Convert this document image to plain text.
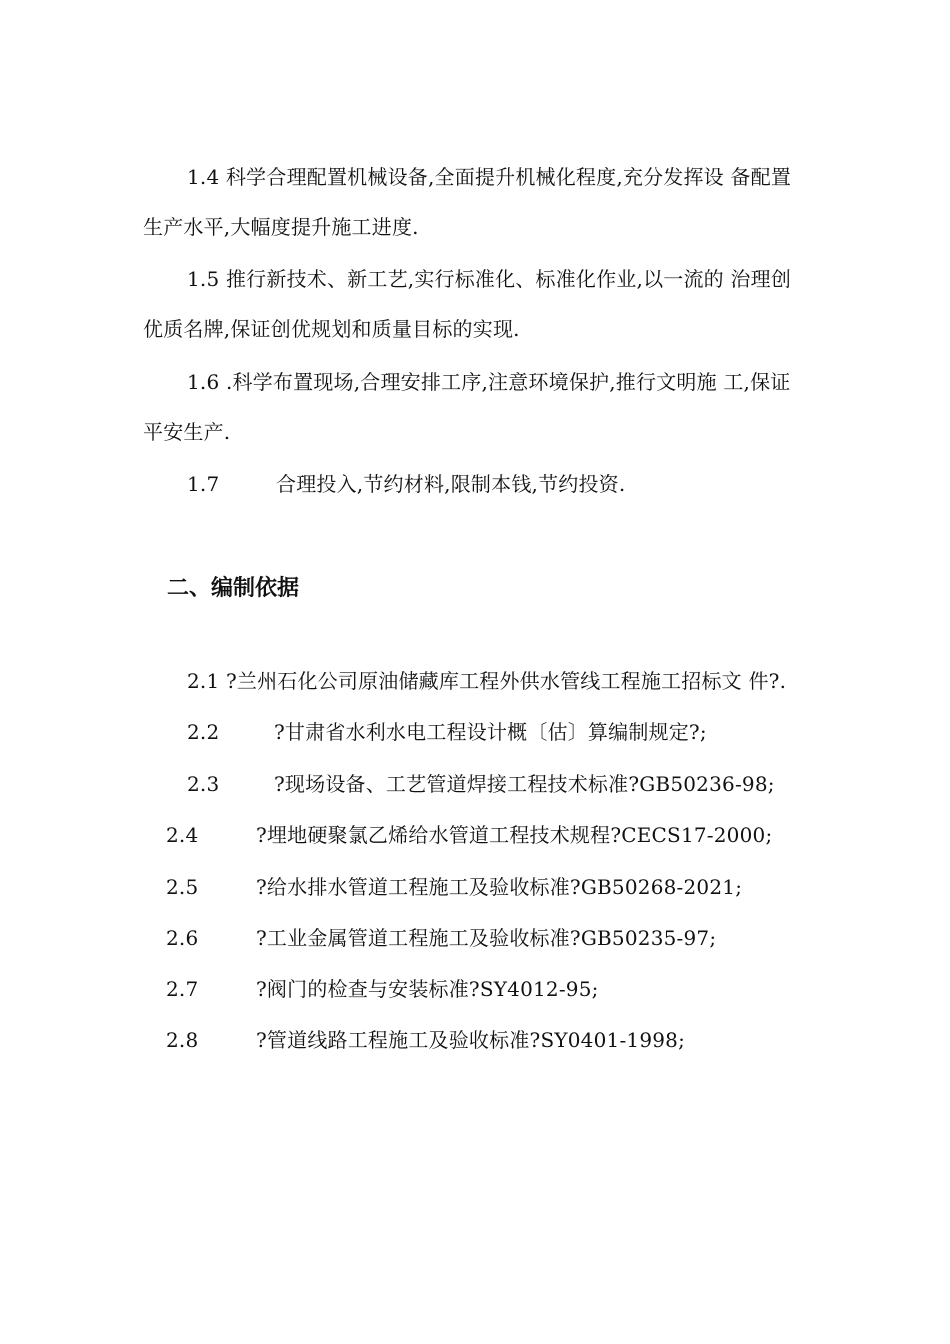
1.4 科学合理配置机械设备,全面提升机械化程度,充分发挥设 备配置
生产水平,大幅度提升施工进度.
1.5 推行新技术、新工艺,实行标准化、标准化作业,以一流的 治理创
优质名牌,保证创优规划和质量目标的实现.
1.6 .科学布置现场,合理安排工序,注意环境保护,推行文明施 工,保证
平安生产.
1.7	合理投入,节约材料,限制本钱,节约投资.
二、编制依据
2.1 ?兰州石化公司原油储藏库工程外供水管线工程施工招标文 件?.
2.2	?甘肃省水利水电工程设计概〔估〕算编制规定?;
2.3	?现场设备、工艺管道焊接工程技术标准?GB50236-98;
2.4	?埋地硬聚氯乙烯给水管道工程技术规程?CECS17-2000;
2.5	?给水排水管道工程施工及验收标准?GB50268-2021;
2.6	?工业金属管道工程施工及验收标准?GB50235-97;
2.7	?阀门的检查与安装标准?SY4012-95;
2.8	?管道线路工程施工及验收标准?SY0401-1998;
